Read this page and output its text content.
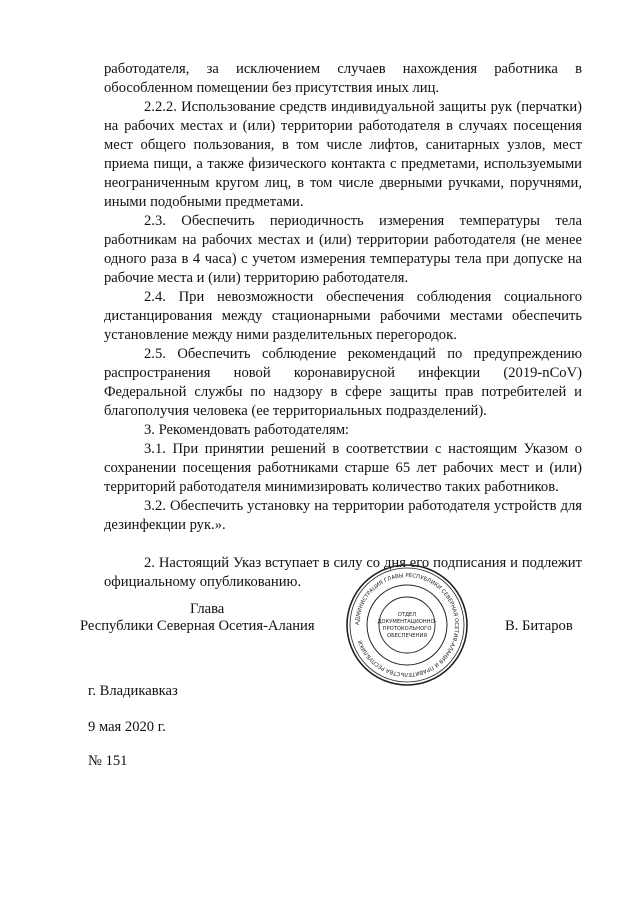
работодателя, за исключением случаев нахождения работника в обособленном помещении без присутствия иных лиц.

2.2.2. Использование средств индивидуальной защиты рук (перчатки) на рабочих местах и (или) территории работодателя в случаях посещения мест общего пользования, в том числе лифтов, санитарных узлов, мест приема пищи, а также физического контакта с предметами, используемыми неограниченным кругом лиц, в том числе дверными ручками, поручнями, иными подобными предметами.

2.3. Обеспечить периодичность измерения температуры тела работникам на рабочих местах и (или) территории работодателя (не менее одного раза в 4 часа) с учетом измерения температуры тела при допуске на рабочие места и (или) территорию работодателя.

2.4. При невозможности обеспечения соблюдения социального дистанцирования между стационарными рабочими местами обеспечить установление между ними разделительных перегородок.

2.5. Обеспечить соблюдение рекомендаций по предупреждению распространения новой коронавирусной инфекции (2019-nCoV) Федеральной службы по надзору в сфере защиты прав потребителей и благополучия человека (ее территориальных подразделений).

3. Рекомендовать работодателям:

3.1. При принятии решений в соответствии с настоящим Указом о сохранении посещения работниками старше 65 лет рабочих мест и (или) территорий работодателя минимизировать количество таких работников.

3.2. Обеспечить установку на территории работодателя устройств для дезинфекции рук.».

2. Настоящий Указ вступает в силу со дня его подписания и подлежит официальному опубликованию.

Глава
Республики Северная Осетия-Алания	В. Битаров
АДМИНИСТРАЦИЯ ГЛАВЫ РЕСПУБЛИКИ СЕВЕРНАЯ ОСЕТИЯ-АЛАНИЯ И ПРАВИТЕЛЬСТВА РЕСПУБЛИКИ
ОТДЕЛ
ДОКУМЕНТАЦИОННО-
ПРОТОКОЛЬНОГО
ОБЕСПЕЧЕНИЯ
г. Владикавказ
9 мая 2020 г.
№ 151
